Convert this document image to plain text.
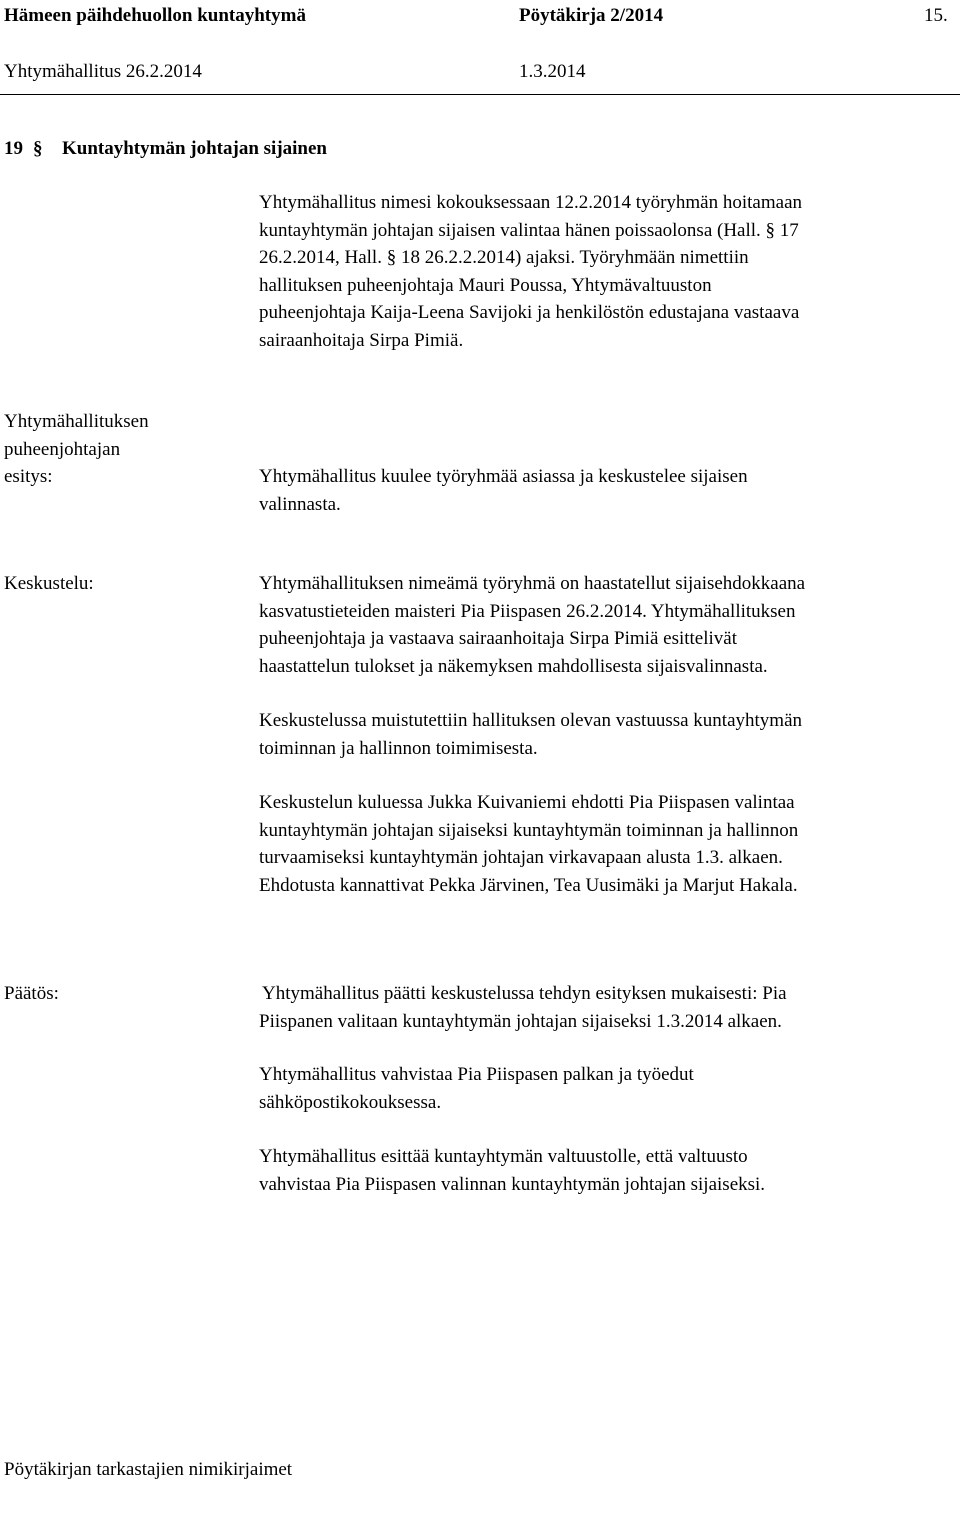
Hämeen päihdehuollon kuntayhtymä	Pöytäkirja 2/2014	15.
Yhtymähallitus 26.2.2014	1.3.2014
19 § Kuntayhtymän johtajan sijainen
Yhtymähallitus nimesi kokouksessaan 12.2.2014 työryhmän hoitamaan
kuntayhtymän johtajan sijaisen valintaa hänen poissaolonsa (Hall. § 17
26.2.2014, Hall. § 18 26.2.2.2014) ajaksi. Työryhmään nimettiin
hallituksen puheenjohtaja Mauri Poussa, Yhtymävaltuuston
puheenjohtaja Kaija-Leena Savijoki ja henkilöstön edustajana vastaava
sairaanhoitaja Sirpa Pimiä.
Yhtymähallituksen
puheenjohtajan
esitys:	Yhtymähallitus kuulee työryhmää asiassa ja keskustelee sijaisen
valinnasta.
Keskustelu:	Yhtymähallituksen nimeämä työryhmä on haastatellut sijaisehdokkaana
kasvatustieteiden maisteri Pia Piispasen 26.2.2014. Yhtymähallituksen
puheenjohtaja ja vastaava sairaanhoitaja Sirpa Pimiä esittelivät
haastattelun tulokset ja näkemyksen mahdollisesta sijaisvalinnasta.
Keskustelussa muistutettiin hallituksen olevan vastuussa kuntayhtymän
toiminnan ja hallinnon toimimisesta.
Keskustelun kuluessa Jukka Kuivaniemi ehdotti Pia Piispasen valintaa
kuntayhtymän johtajan sijaiseksi kuntayhtymän toiminnan ja hallinnon
turvaamiseksi kuntayhtymän johtajan virkavapaan alusta 1.3. alkaen.
Ehdotusta kannattivat Pekka Järvinen, Tea Uusimäki ja Marjut Hakala.
Päätös:	Yhtymähallitus päätti keskustelussa tehdyn esityksen mukaisesti: Pia
Piispanen valitaan kuntayhtymän johtajan sijaiseksi 1.3.2014 alkaen.
Yhtymähallitus vahvistaa Pia Piispasen palkan ja työedut
sähköpostikokouksessa.
Yhtymähallitus esittää kuntayhtymän valtuustolle, että valtuusto
vahvistaa Pia Piispasen valinnan kuntayhtymän johtajan sijaiseksi.
Pöytäkirjan tarkastajien nimikirjaimet
